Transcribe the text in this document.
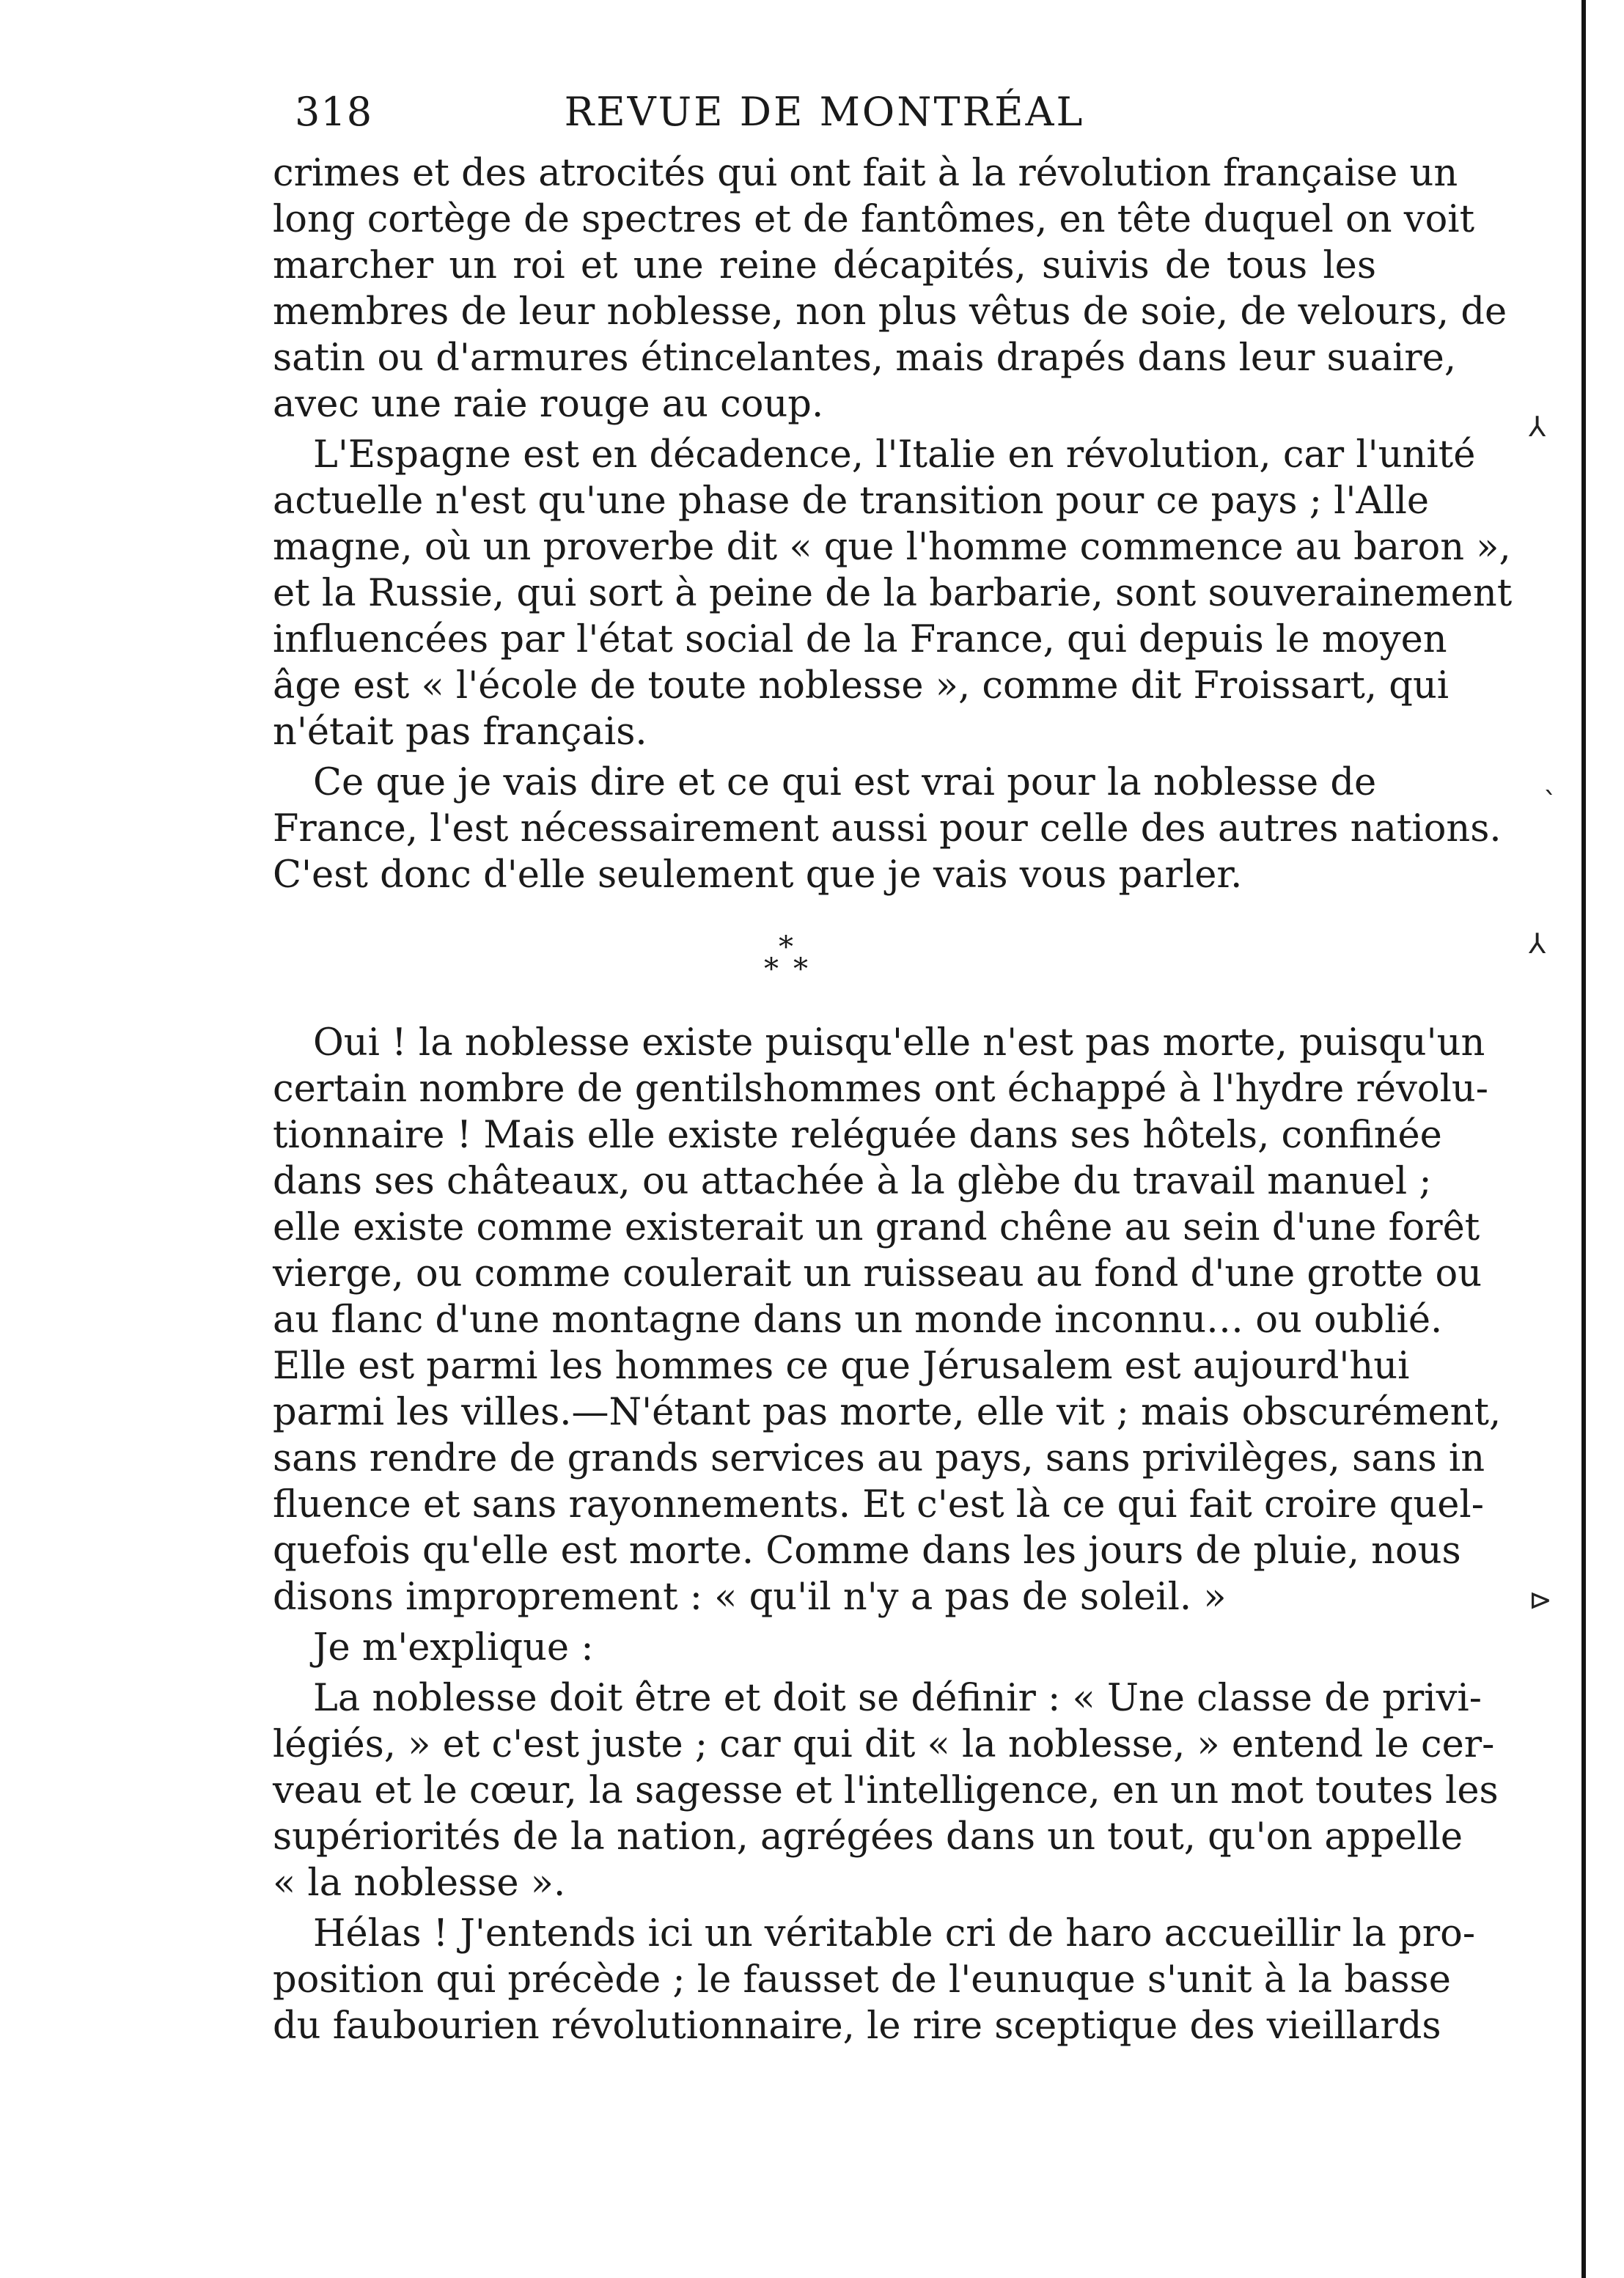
⅄
ˎ
⅄
⊳
318	REVUE DE MONTRÉAL
crimes et des atrocités qui ont fait à la révolution française un
long cortège de spectres et de fantômes, en tête duquel on voit
marcher un roi et une reine décapités, suivis de tous les
membres de leur noblesse, non plus vêtus de soie, de velours, de
satin ou d'armures étincelantes, mais drapés dans leur suaire,
avec une raie rouge au coup.
L'Espagne est en décadence, l'Italie en révolution, car l'unité
actuelle n'est qu'une phase de transition pour ce pays ; l'Alle
magne, où un proverbe dit « que l'homme commence au baron »,
et la Russie, qui sort à peine de la barbarie, sont souverainement
influencées par l'état social de la France, qui depuis le moyen
âge est « l'école de toute noblesse », comme dit Froissart, qui
n'était pas français.
Ce que je vais dire et ce qui est vrai pour la noblesse de
France, l'est nécessairement aussi pour celle des autres nations.
C'est donc d'elle seulement que je vais vous parler.
*
* *
Oui ! la noblesse existe puisqu'elle n'est pas morte, puisqu'un
certain nombre de gentilshommes ont échappé à l'hydre révolu-
tionnaire ! Mais elle existe reléguée dans ses hôtels, confinée
dans ses châteaux, ou attachée à la glèbe du travail manuel ;
elle existe comme existerait un grand chêne au sein d'une forêt
vierge, ou comme coulerait un ruisseau au fond d'une grotte ou
au flanc d'une montagne dans un monde inconnu… ou oublié.
Elle est parmi les hommes ce que Jérusalem est aujourd'hui
parmi les villes.—N'étant pas morte, elle vit ; mais obscurément,
sans rendre de grands services au pays, sans privilèges, sans in
fluence et sans rayonnements. Et c'est là ce qui fait croire quel-
quefois qu'elle est morte. Comme dans les jours de pluie, nous
disons improprement : « qu'il n'y a pas de soleil. »
Je m'explique :
La noblesse doit être et doit se définir : « Une classe de privi-
légiés, » et c'est juste ; car qui dit « la noblesse, » entend le cer-
veau et le cœur, la sagesse et l'intelligence, en un mot toutes les
supériorités de la nation, agrégées dans un tout, qu'on appelle
« la noblesse ».
Hélas ! J'entends ici un véritable cri de haro accueillir la pro-
position qui précède ; le fausset de l'eunuque s'unit à la basse
du faubourien révolutionnaire, le rire sceptique des vieillards
